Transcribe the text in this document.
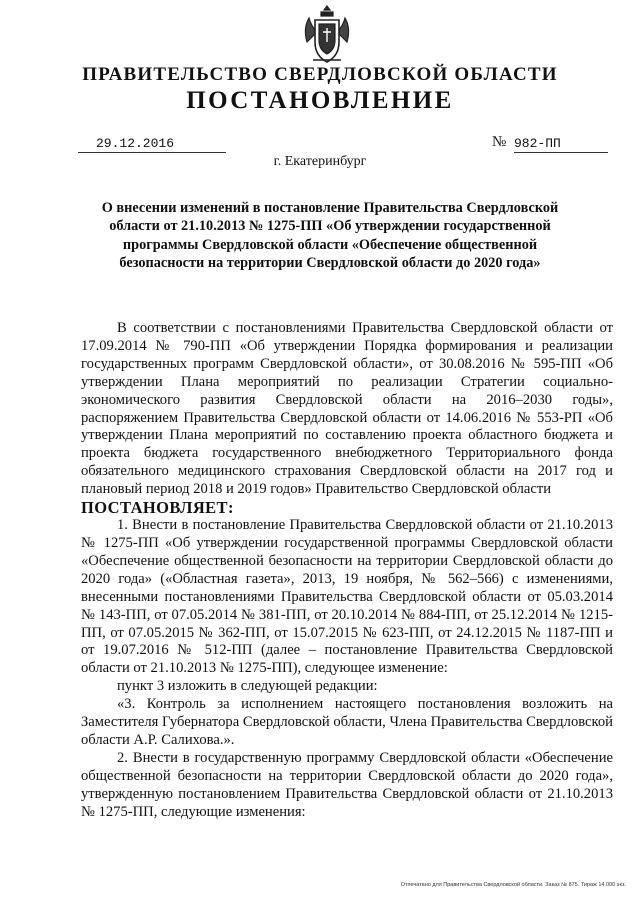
ПРАВИТЕЛЬСТВО СВЕРДЛОВСКОЙ ОБЛАСТИ
ПОСТАНОВЛЕНИЕ
29.12.2016	№ 982-ПП
г. Екатеринбург
О внесении изменений в постановление Правительства Свердловской области от 21.10.2013 № 1275-ПП «Об утверждении государственной программы Свердловской области «Обеспечение общественной безопасности на территории Свердловской области до 2020 года»

В соответствии с постановлениями Правительства Свердловской области от 17.09.2014 № 790-ПП «Об утверждении Порядка формирования и реализации государственных программ Свердловской области», от 30.08.2016 № 595-ПП «Об утверждении Плана мероприятий по реализации Стратегии социально-экономического развития Свердловской области на 2016–2030 годы», распоряжением Правительства Свердловской области от 14.06.2016 № 553-РП «Об утверждении Плана мероприятий по составлению проекта областного бюджета и проекта бюджета государственного внебюджетного Территориального фонда обязательного медицинского страхования Свердловской области на 2017 год и плановый период 2018 и 2019 годов» Правительство Свердловской области

ПОСТАНОВЛЯЕТ:

1. Внести в постановление Правительства Свердловской области от 21.10.2013 № 1275-ПП «Об утверждении государственной программы Свердловской области «Обеспечение общественной безопасности на территории Свердловской области до 2020 года» («Областная газета», 2013, 19 ноября, № 562–566) с изменениями, внесенными постановлениями Правительства Свердловской области от 05.03.2014 № 143-ПП, от 07.05.2014 № 381-ПП, от 20.10.2014 № 884-ПП, от 25.12.2014 № 1215-ПП, от 07.05.2015 № 362-ПП, от 15.07.2015 № 623-ПП, от 24.12.2015 № 1187-ПП и от 19.07.2016 № 512-ПП (далее – постановление Правительства Свердловской области от 21.10.2013 № 1275-ПП), следующее изменение:

пункт 3 изложить в следующей редакции:

«3. Контроль за исполнением настоящего постановления возложить на Заместителя Губернатора Свердловской области, Члена Правительства Свердловской области А.Р. Салихова.».

2. Внести в государственную программу Свердловской области «Обеспечение общественной безопасности на территории Свердловской области до 2020 года», утвержденную постановлением Правительства Свердловской области от 21.10.2013 № 1275-ПП, следующие изменения:

Отпечатано для Правительства Свердловской области. Заказ № 875. Тираж 14 000 экз.
